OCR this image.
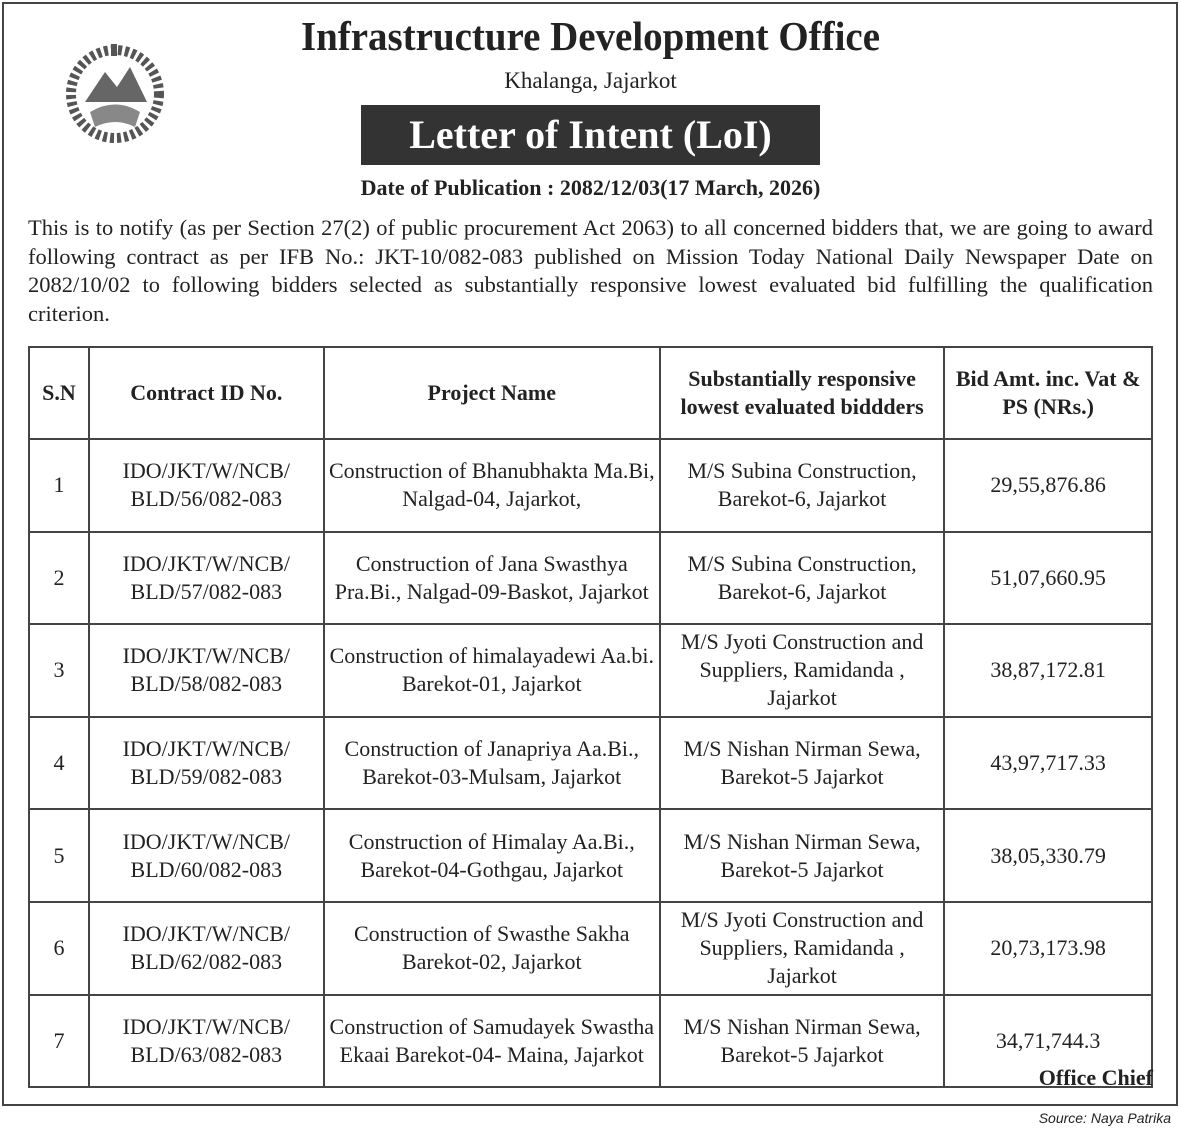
Infrastructure Development Office
Khalanga, Jajarkot
Letter of Intent (LoI)
Date of Publication : 2082/12/03(17 March, 2026)

This is to notify (as per Section 27(2) of public procurement Act 2063) to all concerned bidders that, we are going to award following contract as per IFB No.: JKT-10/082-083 published on Mission Today National Daily Newspaper Date on 2082/10/02 to following bidders selected as substantially responsive lowest evaluated bid fulfilling the qualification criterion.

S.N	Contract ID No.	Project Name	Substantially responsive lowest evaluated biddders	Bid Amt. inc. Vat & PS (NRs.)
1	IDO/JKT/W/NCB/ BLD/56/082-083	Construction of Bhanubhakta Ma.Bi, Nalgad-04, Jajarkot,	M/S Subina Construction, Barekot-6, Jajarkot	29,55,876.86
2	IDO/JKT/W/NCB/ BLD/57/082-083	Construction of Jana Swasthya Pra.Bi., Nalgad-09-Baskot, Jajarkot	M/S Subina Construction, Barekot-6, Jajarkot	51,07,660.95
3	IDO/JKT/W/NCB/ BLD/58/082-083	Construction of himalayadewi Aa.bi. Barekot-01, Jajarkot	M/S Jyoti Construction and Suppliers, Ramidanda , Jajarkot	38,87,172.81
4	IDO/JKT/W/NCB/ BLD/59/082-083	Construction of Janapriya Aa.Bi., Barekot-03-Mulsam, Jajarkot	M/S Nishan Nirman Sewa, Barekot-5 Jajarkot	43,97,717.33
5	IDO/JKT/W/NCB/ BLD/60/082-083	Construction of Himalay Aa.Bi., Barekot-04-Gothgau, Jajarkot	M/S Nishan Nirman Sewa, Barekot-5 Jajarkot	38,05,330.79
6	IDO/JKT/W/NCB/ BLD/62/082-083	Construction of Swasthe Sakha Barekot-02, Jajarkot	M/S Jyoti Construction and Suppliers, Ramidanda , Jajarkot	20,73,173.98
7	IDO/JKT/W/NCB/ BLD/63/082-083	Construction of Samudayek Swastha Ekaai Barekot-04- Maina, Jajarkot	M/S Nishan Nirman Sewa, Barekot-5 Jajarkot	34,71,744.3
Office Chief
Source: Naya Patrika
